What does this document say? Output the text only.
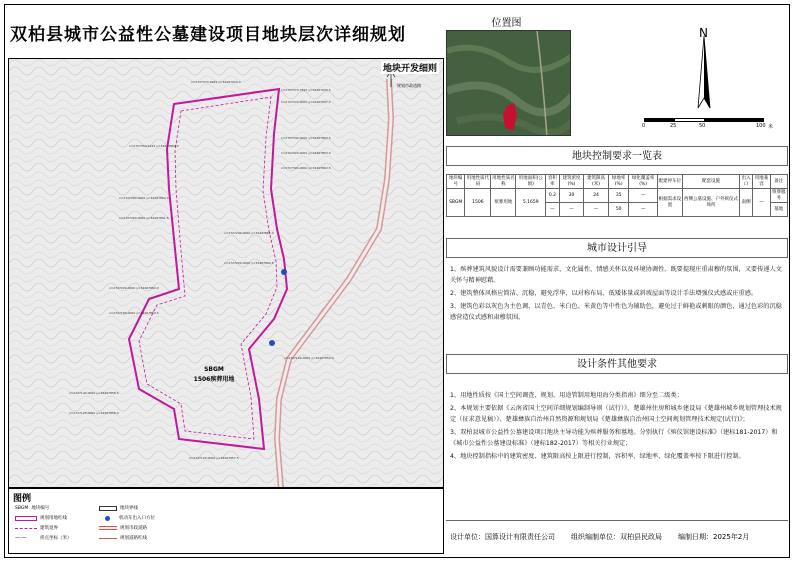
双柏县城市公益性公墓建设项目地块层次详细规划
x=2727374.9989 y=34467929.4
x=2727374.7895 y=34467936.5
x=2727374.0000 y=34467937.2
x=2727359.9143 y=34467864.0
x=2727340.0000 y=34467863.5
x=2727320.0000 y=34467863.0
x=2727300.0000 y=34467862.5
x=2727280.0000 y=34467862.0
x=2727260.0000 y=34467861.5
x=2727240.0000 y=34467861.0
x=2727220.0000 y=34467860.5
x=2727200.0000 y=34467860.0
x=2727180.0000 y=34467859.5
x=2727160.0000 y=34467859.0
x=2727140.0000 y=34467858.5
x=2727120.0000 y=34467858.0
x=2727100.0000 y=34467857.5
SBGM
1506殡葬用地
规划市政道路
地块开发细则
图例
SBGM 地块编号
规划用地红线
建筑退界
—·—	拐点坐标（米）
地块界线
机动车出入口方位
规划市政道路
规划道路红线
位置图
N
0	25	50	100 米
地块控制要求一览表
地块编号	用地性质代码	用地性质名称	用地面积(公顷)	容积率	建筑密度(%)	建筑限高(米)	绿地率(%)	绿化覆盖率(%)	配建停车位	配套设施	出入口	用地兼容	备注
SBGM	1506	殡葬用地	5.1659	0.2	30	24	35	—	根据需求设置	西侧公墓设施、户外殡仪式场所	南侧	—	殡葬服务
				—	—	—	50	—					墓地
城市设计引导

1、殡葬建筑风貌设计需要兼顾功能需求、文化属性、情感关怀以及环境协调性。既要提现庄重肃穆的氛围，又要传递人文关怀与精神慰藉。

2、建筑整体风格应简洁、沉稳，避免浮华，以对称布局、低矮体量或斜坡屋面等设计手法增强仪式感或庄重感。

3、建筑色彩以灰色为主色调，以青色、米白色、米黄色等中性色为辅助色，避免过于鲜艳或刺眼的颜色，通过色彩的沉稳感营造仪式感和肃穆氛围。

设计条件其他要求

1、用地性质按《国土空间调查、规划、用途管制用地用海分类指南》细分至二级类；

2、本规划主要依据《云南省国土空间详细规划编制导则（试行）》、楚雄州住房和城乡建设局《楚雄州城乡规划管理技术规定（征求意见稿）》、楚雄彝族自治州自然资源和规划局《楚雄彝族自治州国土空间规划管理技术规定(试行)》；

3、双柏县城市公益性公墓建设项目地块主导功能为殡葬服务和墓地。分别执行《殡仪馆建设标准》（建标181-2017）和《城市公益性公墓建设标准》（建标182-2017）等相关行业规定；

4、地块控制指标中的建筑密度、建筑限高按上限进行控制，容积率、绿地率、绿化覆盖率按下限进行控制。

设计单位：国算设计有限责任公司 组织编制单位：双柏县民政局 编制日期：2025年2月
